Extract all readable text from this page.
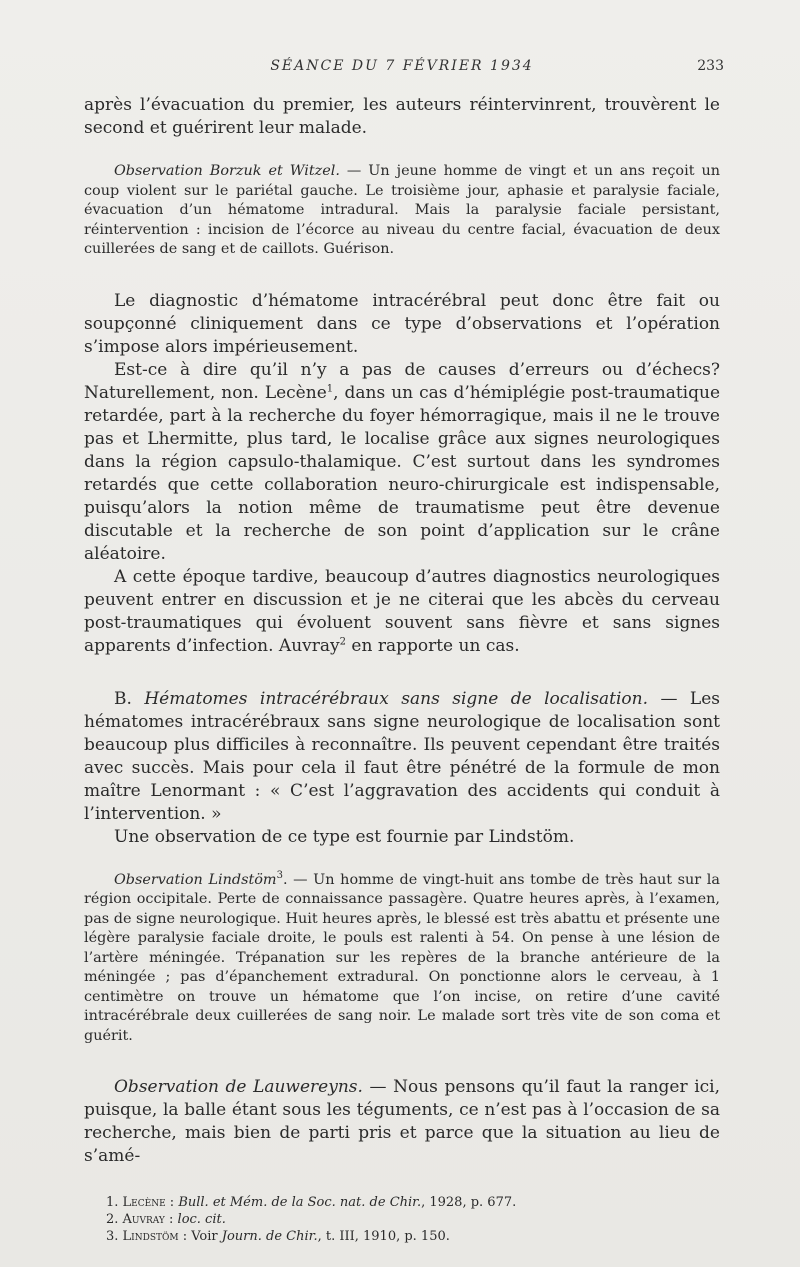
SÉANCE DU 7 FÉVRIER 1934	233

après l’évacuation du premier, les auteurs réintervinrent, trouvèrent le second et guérirent leur malade.

Observation Borzuk et Witzel. — Un jeune homme de vingt et un ans reçoit un coup violent sur le pariétal gauche. Le troisième jour, aphasie et paralysie faciale, évacuation d’un hématome intradural. Mais la paralysie faciale persistant, réintervention : incision de l’écorce au niveau du centre facial, évacuation de deux cuillerées de sang et de caillots. Guérison.

Le diagnostic d’hématome intracérébral peut donc être fait ou soupçonné cliniquement dans ce type d’observations et l’opération s’impose alors impérieusement.

Est-ce à dire qu’il n’y a pas de causes d’erreurs ou d’échecs? Naturellement, non. Lecène$^1$, dans un cas d’hémiplégie post-traumatique retardée, part à la recherche du foyer hémorragique, mais il ne le trouve pas et Lhermitte, plus tard, le localise grâce aux signes neurologiques dans la région capsulo-thalamique. C’est surtout dans les syndromes retardés que cette collaboration neuro-chirurgicale est indispensable, puisqu’alors la notion même de traumatisme peut être devenue discutable et la recherche de son point d’application sur le crâne aléatoire.

A cette époque tardive, beaucoup d’autres diagnostics neurologiques peuvent entrer en discussion et je ne citerai que les abcès du cerveau post-traumatiques qui évoluent souvent sans fièvre et sans signes apparents d’infection. Auvray$^2$ en rapporte un cas.

B. Hématomes intracérébraux sans signe de localisation. — Les hématomes intracérébraux sans signe neurologique de localisation sont beaucoup plus difficiles à reconnaître. Ils peuvent cependant être traités avec succès. Mais pour cela il faut être pénétré de la formule de mon maître Lenormant : « C’est l’aggravation des accidents qui conduit à l’intervention. »

Une observation de ce type est fournie par Lindstöm.

Observation Lindstöm$^3$. — Un homme de vingt-huit ans tombe de très haut sur la région occipitale. Perte de connaissance passagère. Quatre heures après, à l’examen, pas de signe neurologique. Huit heures après, le blessé est très abattu et présente une légère paralysie faciale droite, le pouls est ralenti à 54. On pense à une lésion de l’artère méningée. Trépanation sur les repères de la branche antérieure de la méningée ; pas d’épanchement extradural. On ponctionne alors le cerveau, à 1 centimètre on trouve un hématome que l’on incise, on retire d’une cavité intracérébrale deux cuillerées de sang noir. Le malade sort très vite de son coma et guérit.

Observation de Lauwereyns. — Nous pensons qu’il faut la ranger ici, puisque, la balle étant sous les téguments, ce n’est pas à l’occasion de sa recherche, mais bien de parti pris et parce que la situation au lieu de s’amé-

1. Lecène : Bull. et Mém. de la Soc. nat. de Chir., 1928, p. 677.
2. Auvray : loc. cit.
3. Lindstöm : Voir Journ. de Chir., t. III, 1910, p. 150.
